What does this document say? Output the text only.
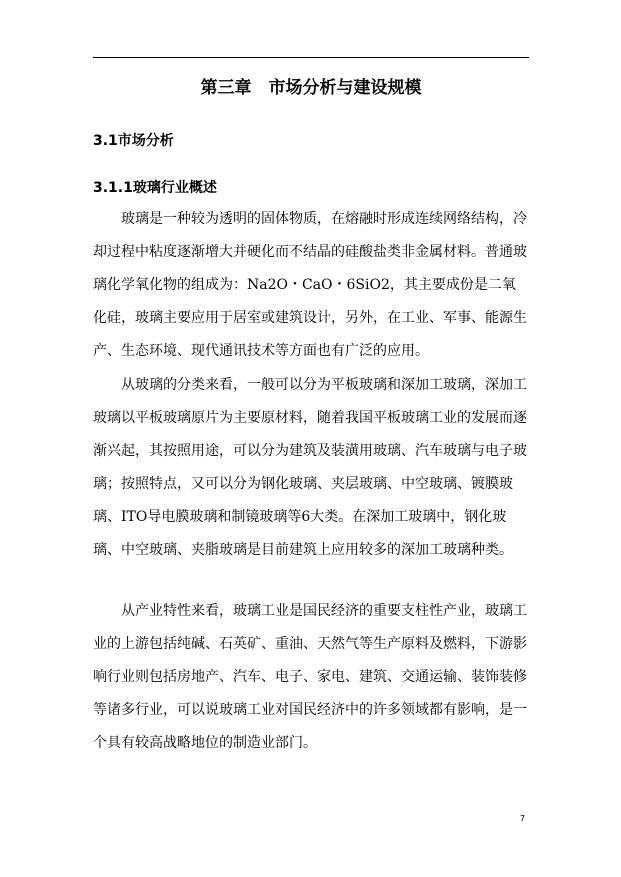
第三章　市场分析与建设规模
3.1市场分析
3.1.1玻璃行业概述

玻璃是一种较为透明的固体物质，在熔融时形成连续网络结构，冷却过程中粘度逐渐增大并硬化而不结晶的硅酸盐类非金属材料。普通玻璃化学氧化物的组成为：Na2O・CaO・6SiO2，其主要成份是二氧化硅，玻璃主要应用于居室或建筑设计，另外，在工业、军事、能源生产、生态环境、现代通讯技术等方面也有广泛的应用。

从玻璃的分类来看，一般可以分为平板玻璃和深加工玻璃，深加工玻璃以平板玻璃原片为主要原材料，随着我国平板玻璃工业的发展而逐渐兴起，其按照用途，可以分为建筑及装潢用玻璃、汽车玻璃与电子玻璃；按照特点，又可以分为钢化玻璃、夹层玻璃、中空玻璃、镀膜玻璃、ITO导电膜玻璃和制镜玻璃等6大类。在深加工玻璃中，钢化玻璃、中空玻璃、夹脂玻璃是目前建筑上应用较多的深加工玻璃种类。

从产业特性来看，玻璃工业是国民经济的重要支柱性产业，玻璃工业的上游包括纯碱、石英矿、重油、天然气等生产原料及燃料，下游影响行业则包括房地产、汽车、电子、家电、建筑、交通运输、装饰装修等诸多行业，可以说玻璃工业对国民经济中的许多领域都有影响，是一个具有较高战略地位的制造业部门。

7
